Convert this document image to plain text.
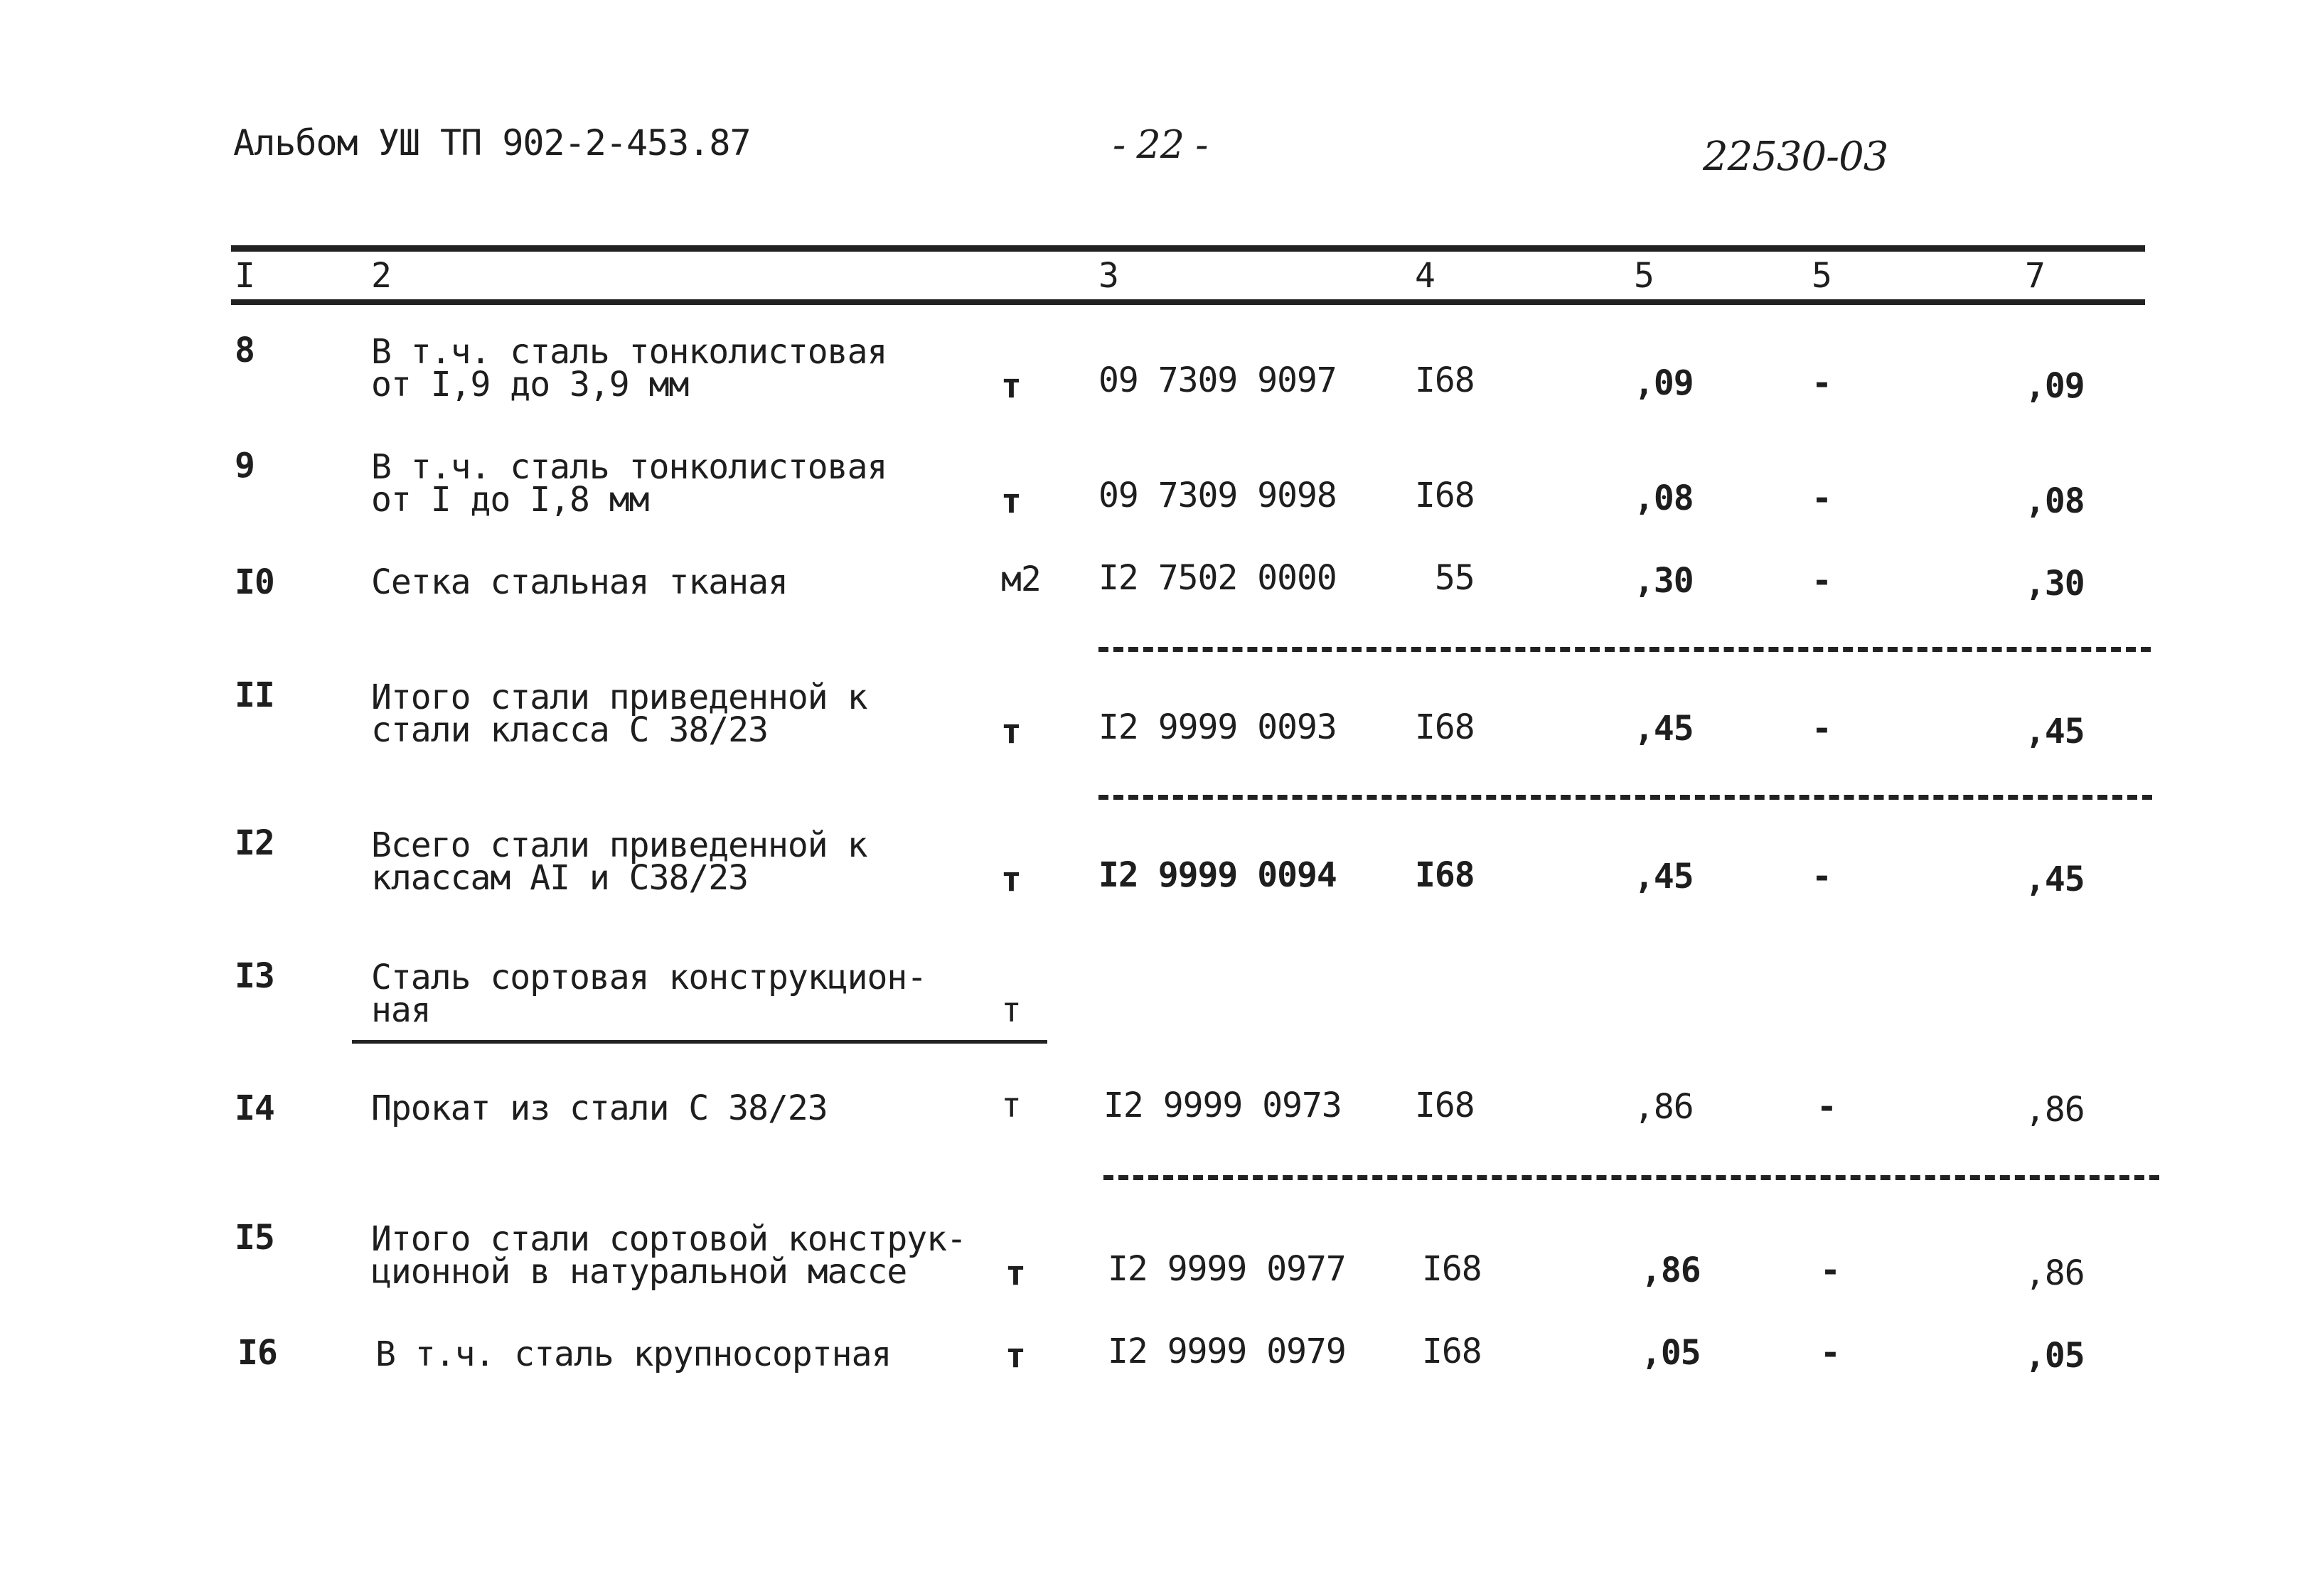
Альбом УШ ТП 902-2-453.87	- 22 -	22530-03
I	2	3	4	5	5	7
8	В т.ч. сталь тонколистовая
от I,9 до 3,9 мм	т 09 7309 9097 I68	,09	-	,09
9	В т.ч. сталь тонколистовая
от I до I,8 мм	т 09 7309 9098 I68	,08	-	,08
I0	Сетка стальная тканая	м2 I2 7502 0000	55	,30	-	,30
II	Итого стали приведенной к
стали класса С 38/23	т I2 9999 0093 I68	,45	-	,45
I2	Всего стали приведенной к
классам АI и С38/23	т I2 9999 0094 I68	,45	-	,45
I3	Сталь сортовая конструкцион-
ная	т
I4	Прокат из стали С 38/23	т I2 9999 0973 I68	,86	-	,86
I5	Итого стали сортовой конструк-
ционной в натуральной массе	т I2 9999 0977 I68	,86	-	,86
I6	В т.ч. сталь крупносортная	т I2 9999 0979 I68	,05	-	,05
